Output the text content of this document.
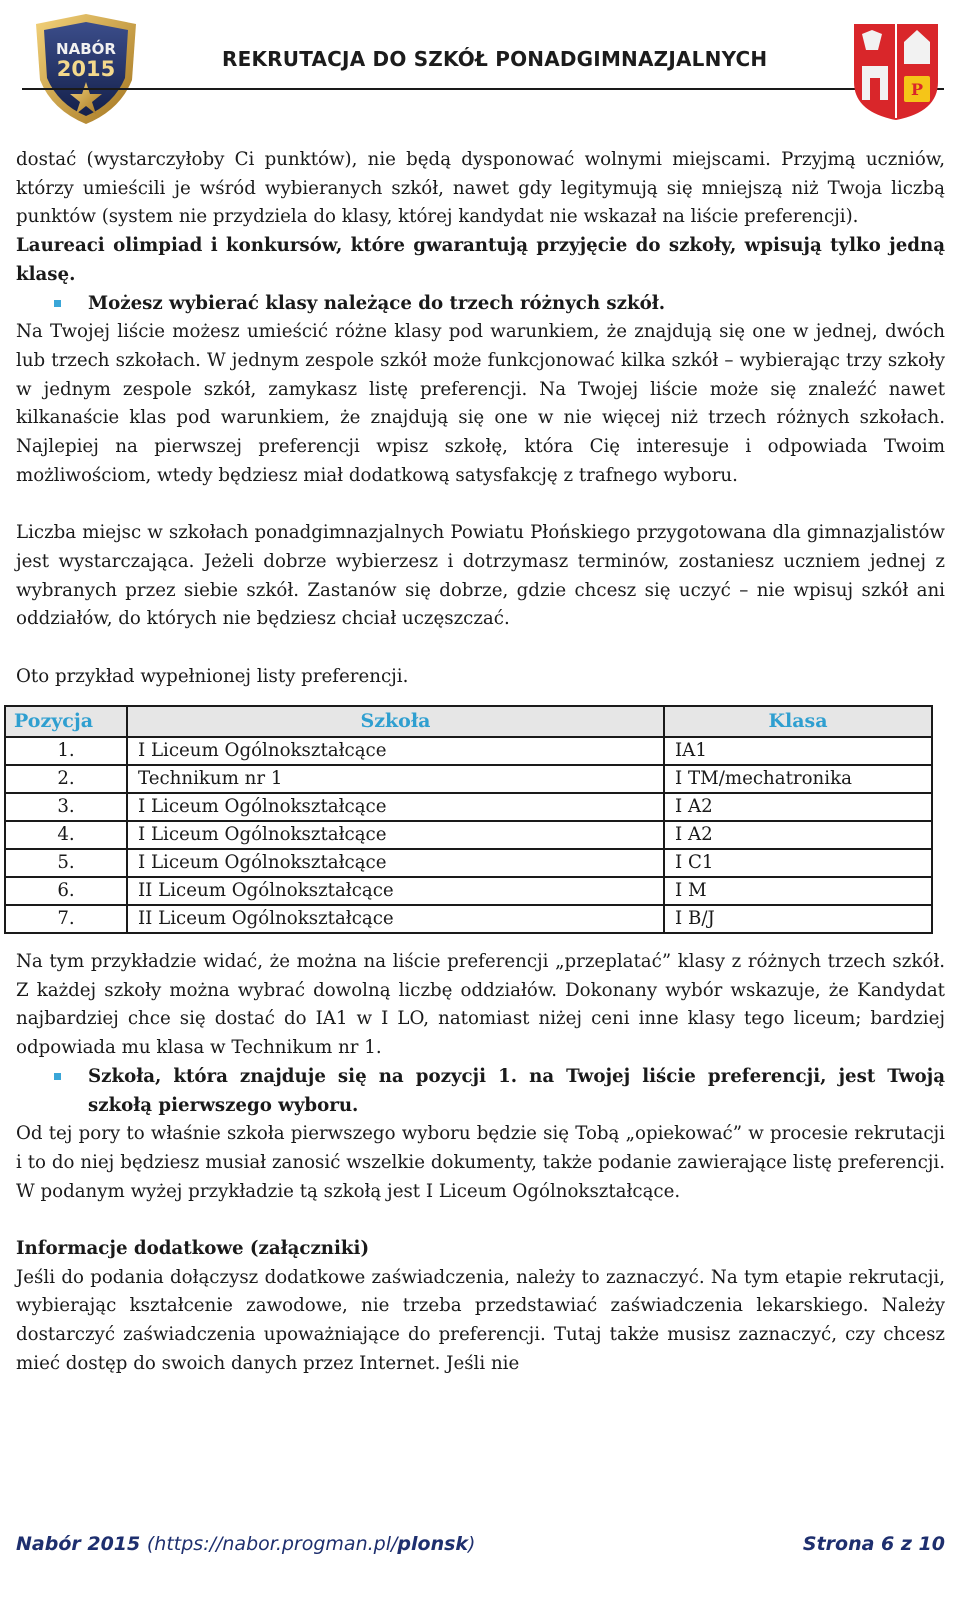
NABÓR
2015	REKRUTACJA DO SZKÓŁ PONADGIMNAZJALNYCH
P

dostać (wystarczyłoby Ci punktów), nie będą dysponować wolnymi miejscami. Przyjmą uczniów, którzy umieścili je wśród wybieranych szkół, nawet gdy legitymują się mniejszą niż Twoja liczbą punktów (system nie przydziela do klasy, której kandydat nie wskazał na liście preferencji).

Laureaci olimpiad i konkursów, które gwarantują przyjęcie do szkoły, wpisują tylko jedną klasę.

Możesz wybierać klasy należące do trzech różnych szkół.

Na Twojej liście możesz umieścić różne klasy pod warunkiem, że znajdują się one w jednej, dwóch lub trzech szkołach. W jednym zespole szkół może funkcjonować kilka szkół – wybierając trzy szkoły w jednym zespole szkół, zamykasz listę preferencji. Na Twojej liście może się znaleźć nawet kilkanaście klas pod warunkiem, że znajdują się one w nie więcej niż trzech różnych szkołach. Najlepiej na pierwszej preferencji wpisz szkołę, która Cię interesuje i odpowiada Twoim możliwościom, wtedy będziesz miał dodatkową satysfakcję z trafnego wyboru.

Liczba miejsc w szkołach ponadgimnazjalnych Powiatu Płońskiego przygotowana dla gimnazjalistów jest wystarczająca. Jeżeli dobrze wybierzesz i dotrzymasz terminów, zostaniesz uczniem jednej z wybranych przez siebie szkół. Zastanów się dobrze, gdzie chcesz się uczyć – nie wpisuj szkół ani oddziałów, do których nie będziesz chciał uczęszczać.

Oto przykład wypełnionej listy preferencji.

Pozycja	Szkoła	Klasa
1.	I Liceum Ogólnokształcące	IA1
2.	Technikum nr 1	I TM/mechatronika
3.	I Liceum Ogólnokształcące	I A2
4.	I Liceum Ogólnokształcące	I A2
5.	I Liceum Ogólnokształcące	I C1
6.	II Liceum Ogólnokształcące	I M
7.	II Liceum Ogólnokształcące	I B/J

Na tym przykładzie widać, że można na liście preferencji „przeplatać” klasy z różnych trzech szkół. Z każdej szkoły można wybrać dowolną liczbę oddziałów. Dokonany wybór wskazuje, że Kandydat najbardziej chce się dostać do IA1 w I LO, natomiast niżej ceni inne klasy tego liceum; bardziej odpowiada mu klasa w Technikum nr 1.

Szkoła, która znajduje się na pozycji 1. na Twojej liście preferencji, jest Twoją szkołą pierwszego wyboru.

Od tej pory to właśnie szkoła pierwszego wyboru będzie się Tobą „opiekować” w procesie rekrutacji i to do niej będziesz musiał zanosić wszelkie dokumenty, także podanie zawierające listę preferencji. W podanym wyżej przykładzie tą szkołą jest I Liceum Ogólnokształcące.

Informacje dodatkowe (załączniki)

Jeśli do podania dołączysz dodatkowe zaświadczenia, należy to zaznaczyć. Na tym etapie rekrutacji, wybierając kształcenie zawodowe, nie trzeba przedstawiać zaświadczenia lekarskiego. Należy dostarczyć zaświadczenia upoważniające do preferencji. Tutaj także musisz zaznaczyć, czy chcesz mieć dostęp do swoich danych przez Internet. Jeśli nie

Nabór 2015 (https://nabor.progman.pl/plonsk)	Strona 6 z 10
